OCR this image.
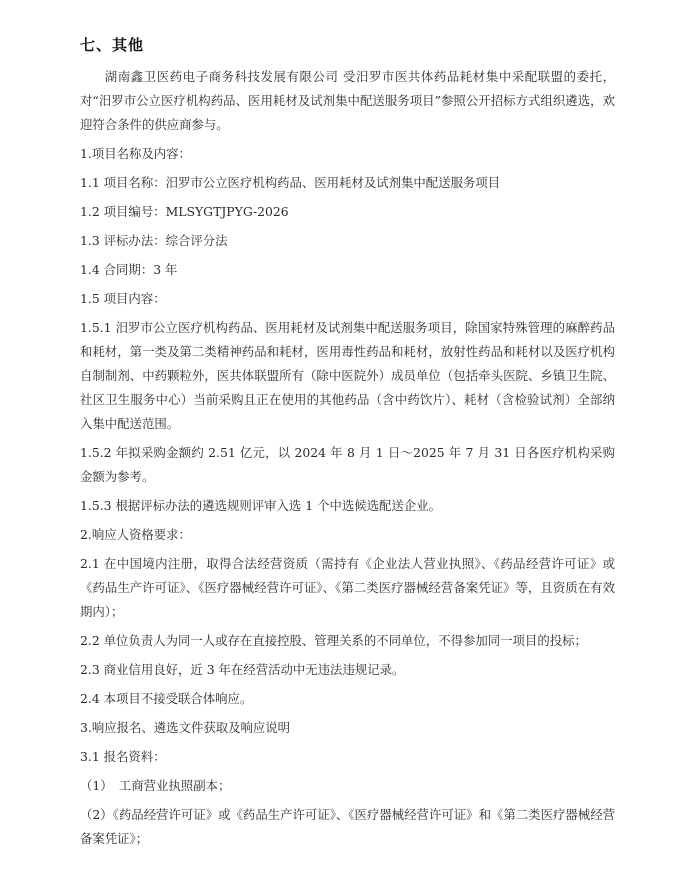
七、其他
湖南鑫卫医药电子商务科技发展有限公司 受汨罗市医共体药品耗材集中采配联盟的委托，对“汨罗市公立医疗机构药品、医用耗材及试剂集中配送服务项目”参照公开招标方式组织遴选，欢迎符合条件的供应商参与。
1.项目名称及内容：
1.1 项目名称：汨罗市公立医疗机构药品、医用耗材及试剂集中配送服务项目
1.2 项目编号：MLSYGTJPYG-2026
1.3 评标办法：综合评分法
1.4 合同期：3 年
1.5 项目内容：
1.5.1 汨罗市公立医疗机构药品、医用耗材及试剂集中配送服务项目，除国家特殊管理的麻醉药品和耗材，第一类及第二类精神药品和耗材，医用毒性药品和耗材，放射性药品和耗材以及医疗机构自制制剂、中药颗粒外，医共体联盟所有（除中医院外）成员单位（包括牵头医院、乡镇卫生院、社区卫生服务中心）当前采购且正在使用的其他药品（含中药饮片）、耗材（含检验试剂）全部纳入集中配送范围。
1.5.2 年拟采购金额约 2.51 亿元，以 2024 年 8 月 1 日～2025 年 7 月 31 日各医疗机构采购金额为参考。
1.5.3 根据评标办法的遴选规则评审入选 1 个中选候选配送企业。
2.响应人资格要求：
2.1 在中国境内注册，取得合法经营资质（需持有《企业法人营业执照》、《药品经营许可证》或《药品生产许可证》、《医疗器械经营许可证》、《第二类医疗器械经营备案凭证》等，且资质在有效期内）；
2.2 单位负责人为同一人或存在直接控股、管理关系的不同单位，不得参加同一项目的投标；
2.3 商业信用良好，近 3 年在经营活动中无违法违规记录。
2.4 本项目不接受联合体响应。
3.响应报名、遴选文件获取及响应说明
3.1 报名资料：
（1）　工商营业执照副本；
（2）《药品经营许可证》或《药品生产许可证》、《医疗器械经营许可证》和《第二类医疗器械经营备案凭证》；
